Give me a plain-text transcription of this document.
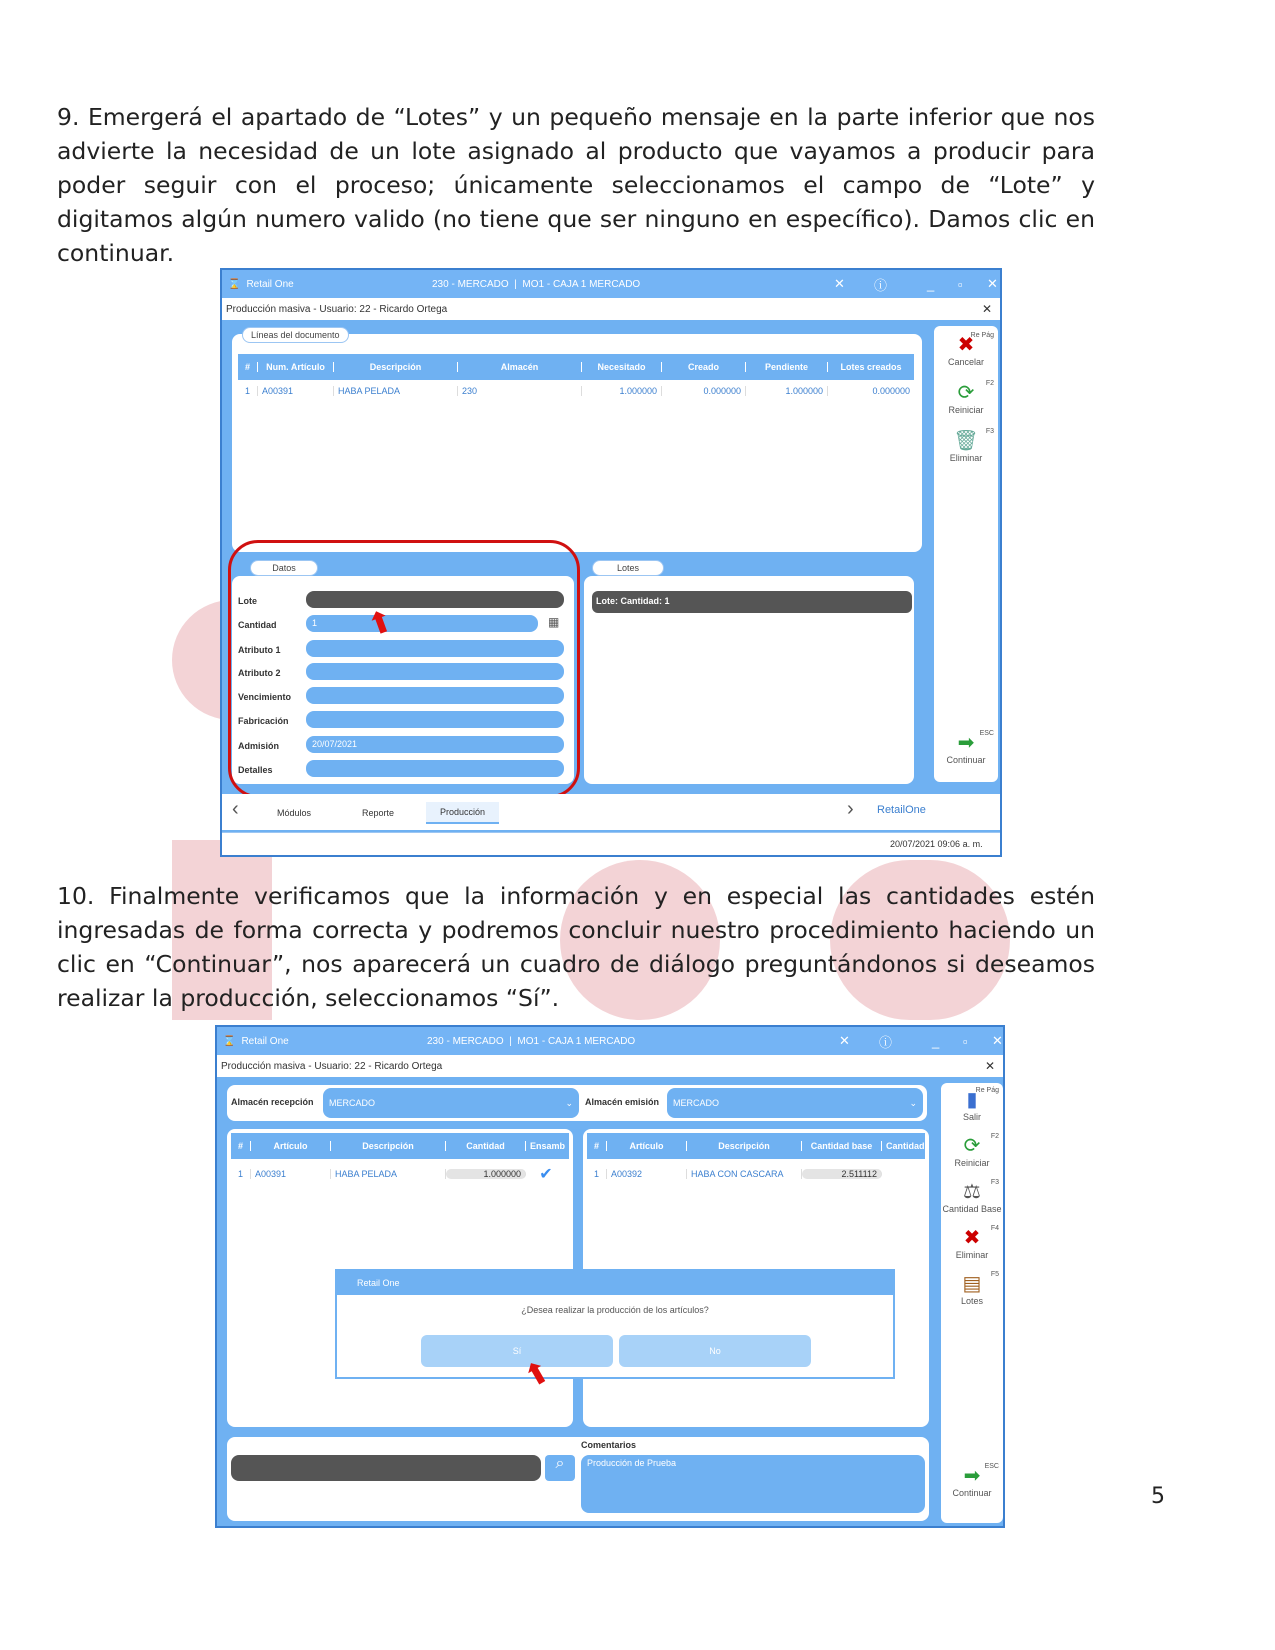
9. Emergerá el apartado de “Lotes” y un pequeño mensaje en la parte inferior que nos advierte la necesidad de un lote asignado al producto que vayamos a producir para poder seguir con el proceso; únicamente seleccionamos el campo de “Lote” y digitamos algún numero valido (no tiene que ser ninguno en específico). Damos clic en continuar.

⌛ Retail One	230 - MERCADO  |  MO1 - CAJA 1 MERCADO	✕ ⓘ	_ ▫ ✕
Producción masiva - Usuario: 22 - Ricardo Ortega	✕
#	Num. Artículo	Descripción	Almacén	Necesitado	Creado	Pendiente	Lotes creados
1	A00391	HABA PELADA	230	1.000000	0.000000	1.000000	0.000000
Líneas del documento
Datos
Lote
Cantidad	1	▦
Atributo 1
Atributo 2
Vencimiento
Fabricación
Admisión	20/07/2021
Detalles
⬆
Lotes
Lote: Cantidad: 1
✖
Cancelar
Re Pág
⟳
Reiniciar
F2
🗑
Eliminar
F3
➡
Continuar
ESC
‹	Módulos	Reporte	Producción	› RetailOne
20/07/2021 09:06 a. m.

10. Finalmente verificamos que la información y en especial las cantidades estén ingresadas de forma correcta y podremos concluir nuestro procedimiento haciendo un clic en “Continuar”, nos aparecerá un cuadro de diálogo preguntándonos si deseamos realizar la producción, seleccionamos “Sí”.

⌛ Retail One	230 - MERCADO  |  MO1 - CAJA 1 MERCADO	✕ ⓘ	_ ▫ ✕
Producción masiva - Usuario: 22 - Ricardo Ortega	✕
Almacén recepción	MERCADO	⌄ Almacén emisión	MERCADO	⌄
#	Artículo	Descripción	Cantidad	Ensamb
1	A00391	HABA PELADA	1.000000	✔
#	Artículo	Descripción	Cantidad base	Cantidad
1	A00392	HABA CON CASCARA	2.511112
Retail One
¿Desea realizar la producción de los artículos?
Sí	No
⬆
⌕
Comentarios
Producción de Prueba
▮
Salir
Re Pág
⟳
Reiniciar
F2
⚖
Cantidad Base
F3
✖
Eliminar
F4
▤
Lotes
F5
➡
Continuar
ESC
5
